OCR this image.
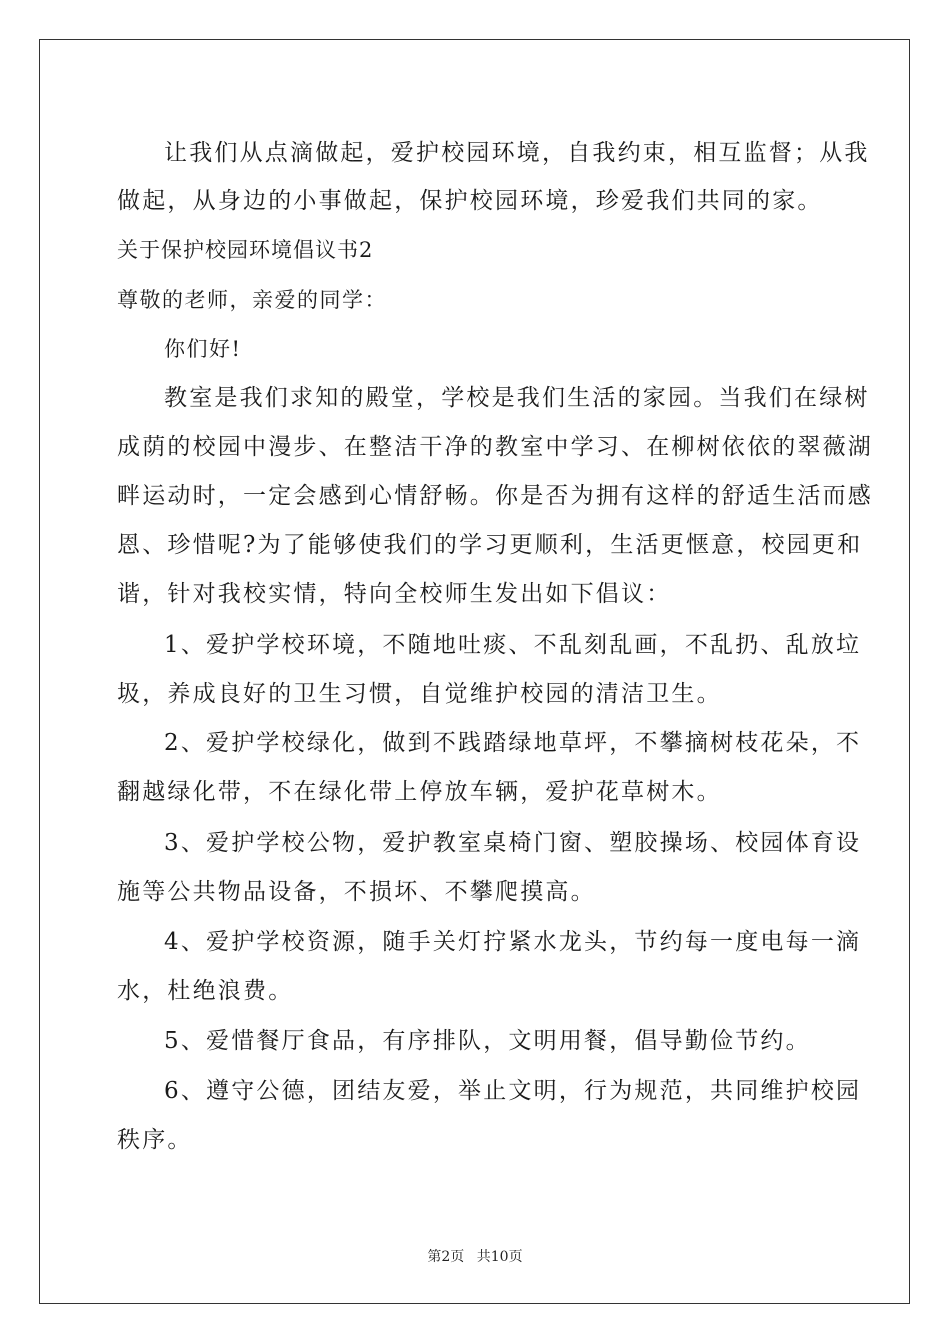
让我们从点滴做起，爱护校园环境，自我约束，相互监督；从我
做起，从身边的小事做起，保护校园环境，珍爱我们共同的家。
关于保护校园环境倡议书2
尊敬的老师，亲爱的同学：
你们好!
教室是我们求知的殿堂，学校是我们生活的家园。当我们在绿树
成荫的校园中漫步、在整洁干净的教室中学习、在柳树依依的翠薇湖
畔运动时，一定会感到心情舒畅。你是否为拥有这样的舒适生活而感
恩、珍惜呢?为了能够使我们的学习更顺利，生活更惬意，校园更和
谐，针对我校实情，特向全校师生发出如下倡议：
1、爱护学校环境，不随地吐痰、不乱刻乱画，不乱扔、乱放垃
圾，养成良好的卫生习惯，自觉维护校园的清洁卫生。
2、爱护学校绿化，做到不践踏绿地草坪，不攀摘树枝花朵，不
翻越绿化带，不在绿化带上停放车辆，爱护花草树木。
3、爱护学校公物，爱护教室桌椅门窗、塑胶操场、校园体育设
施等公共物品设备，不损坏、不攀爬摸高。
4、爱护学校资源，随手关灯拧紧水龙头，节约每一度电每一滴
水，杜绝浪费。
5、爱惜餐厅食品，有序排队，文明用餐，倡导勤俭节约。
6、遵守公德，团结友爱，举止文明，行为规范，共同维护校园
秩序。
第2页 共10页
